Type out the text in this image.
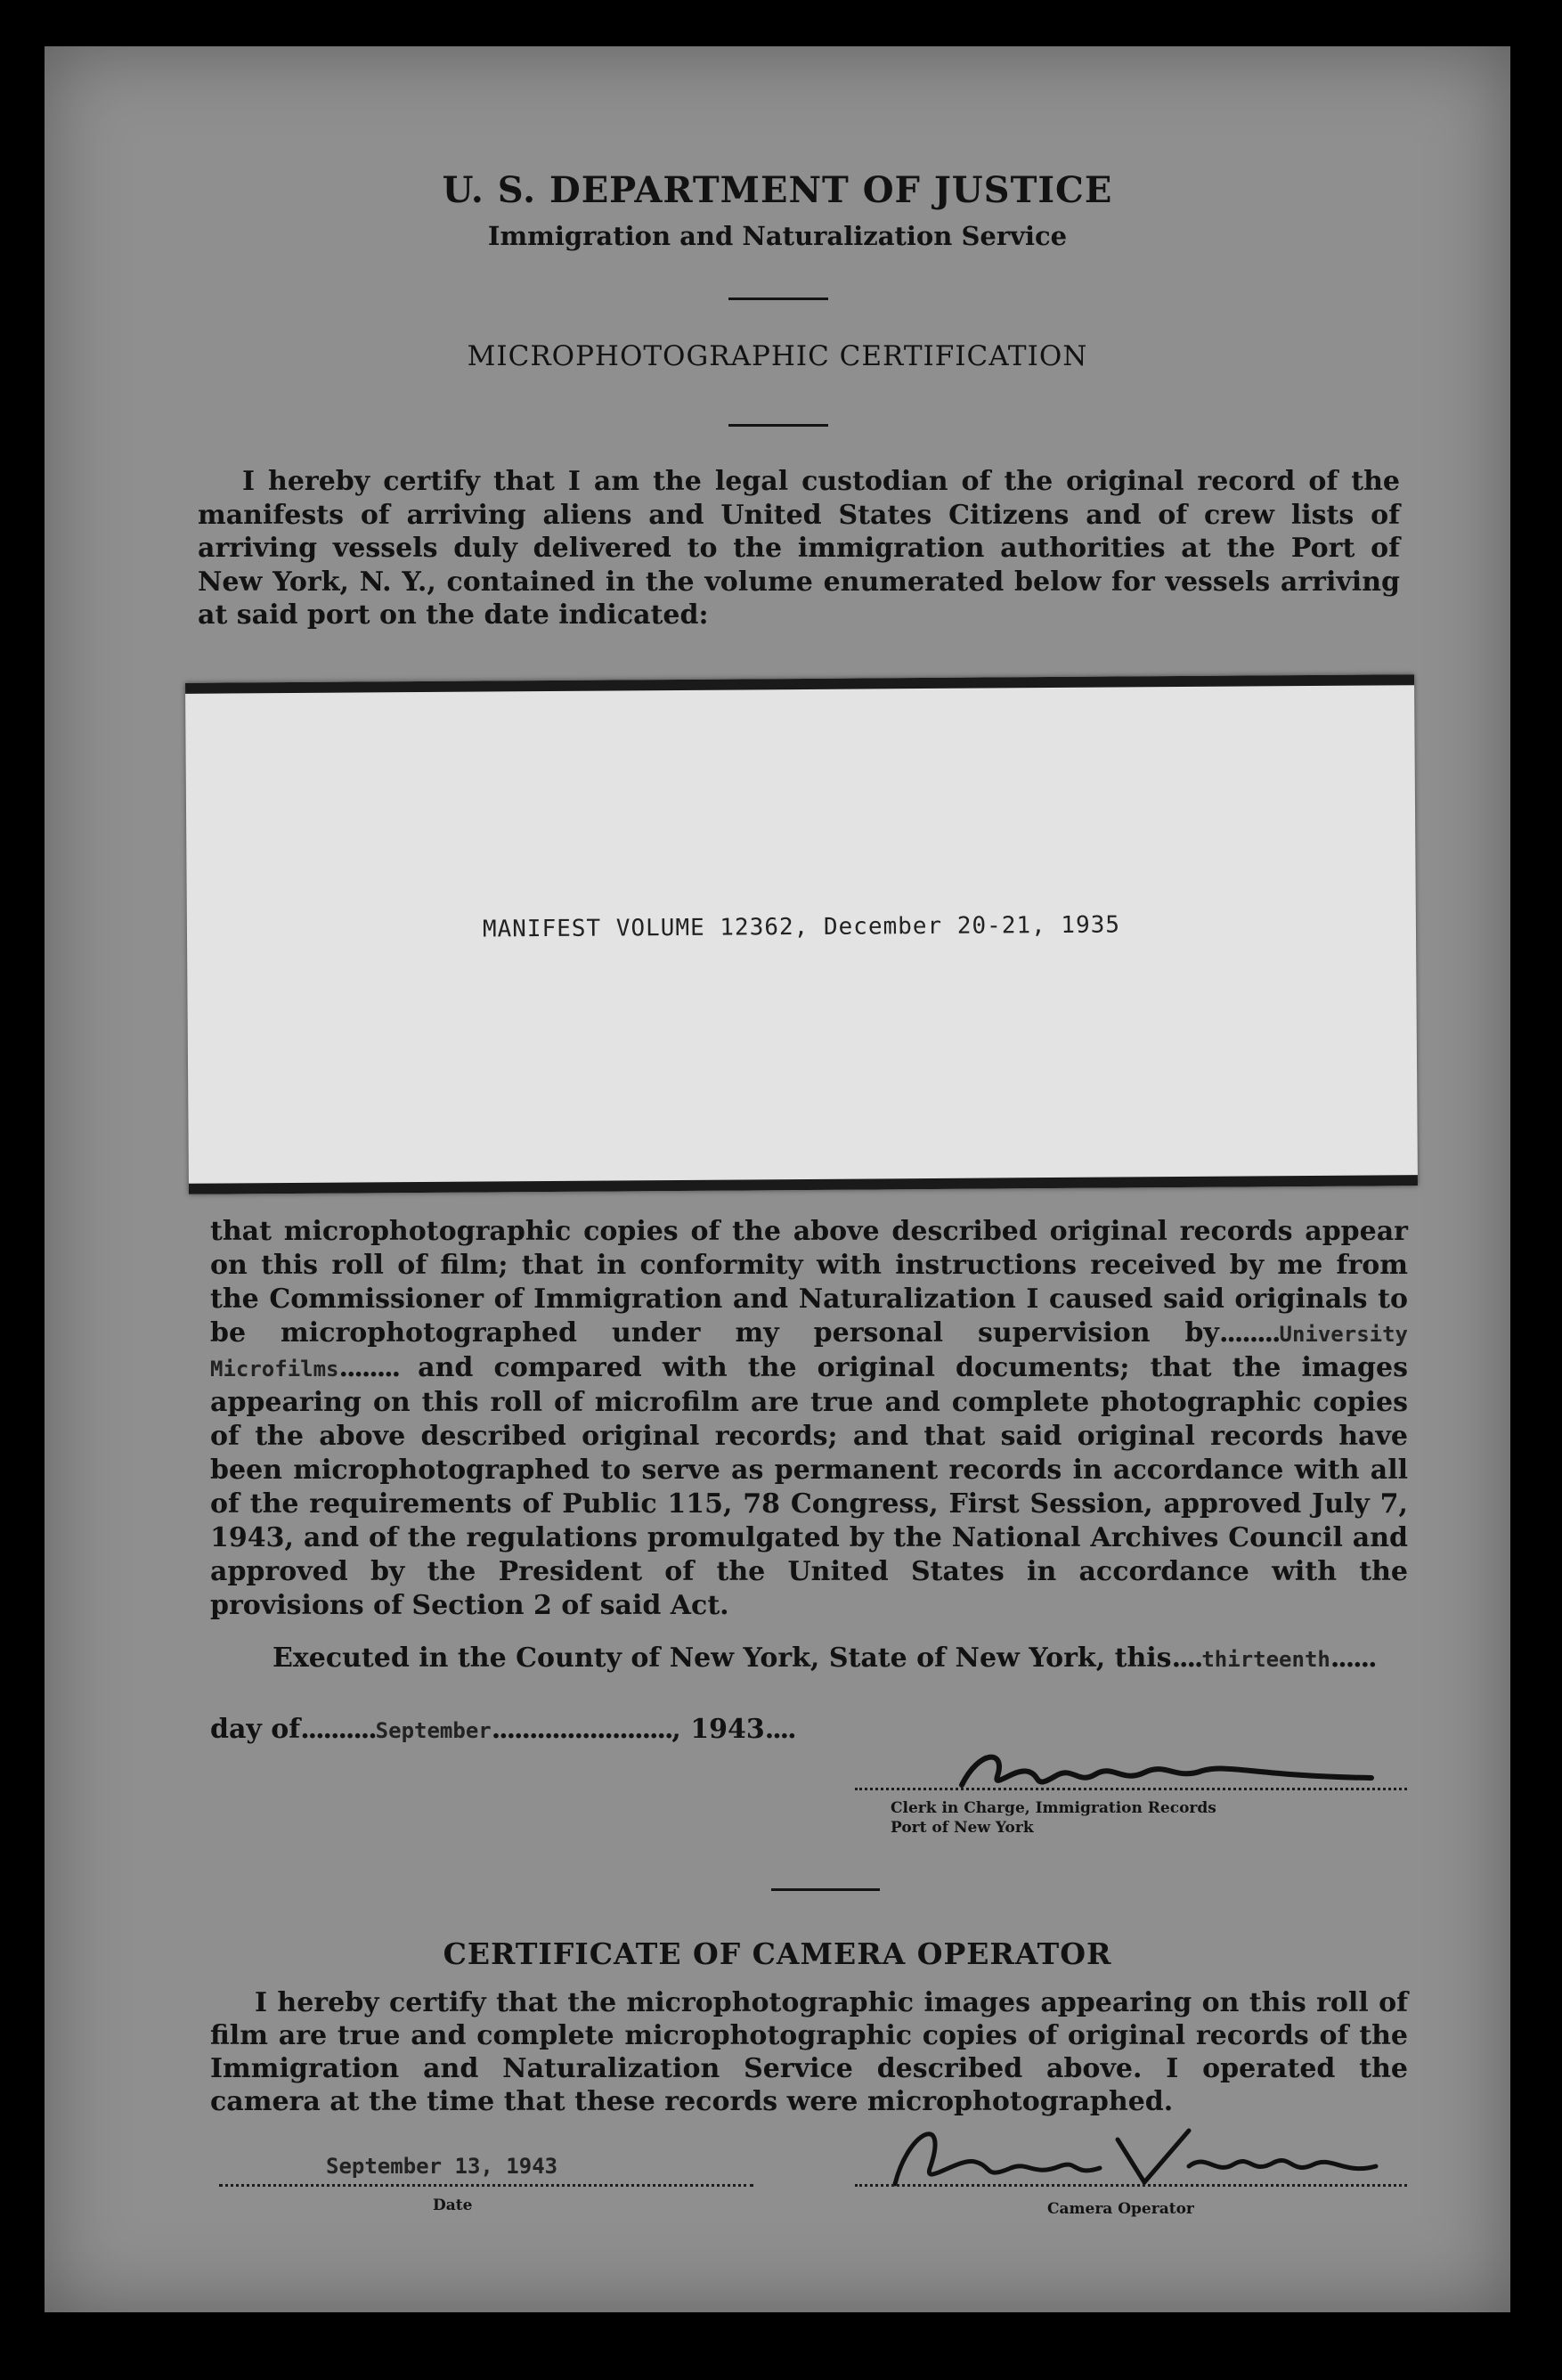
U. S. DEPARTMENT OF JUSTICE
Immigration and Naturalization Service
MICROPHOTOGRAPHIC CERTIFICATION
I hereby certify that I am the legal custodian of the original record of the manifests of arriving aliens and United States Citizens and of crew lists of arriving vessels duly delivered to the immigration authorities at the Port of New York, N. Y., contained in the volume enumerated below for vessels arriving at said port on the date indicated:
MANIFEST VOLUME 12362, December 20-21, 1935
that microphotographic copies of the above described original records appear on this roll of film; that in conformity with instructions received by me from the Commissioner of Immigration and Naturalization I caused said originals to be microphotographed under my personal supervision by........University Microfilms........ and compared with the original documents; that the images appearing on this roll of microfilm are true and complete photographic copies of the above described original records; and that said original records have been microphotographed to serve as permanent records in accordance with all of the requirements of Public 115, 78 Congress, First Session, approved July 7, 1943, and of the regulations promulgated by the National Archives Council and approved by the President of the United States in accordance with the provisions of Section 2 of said Act.
Executed in the County of New York, State of New York, this....thirteenth......
day of..........September........................, 1943....
Clerk in Charge, Immigration Records
Port of New York
CERTIFICATE OF CAMERA OPERATOR
I hereby certify that the microphotographic images appearing on this roll of film are true and complete microphotographic copies of original records of the Immigration and Naturalization Service described above. I operated the camera at the time that these records were microphotographed.
September 13, 1943
Date	Camera Operator
